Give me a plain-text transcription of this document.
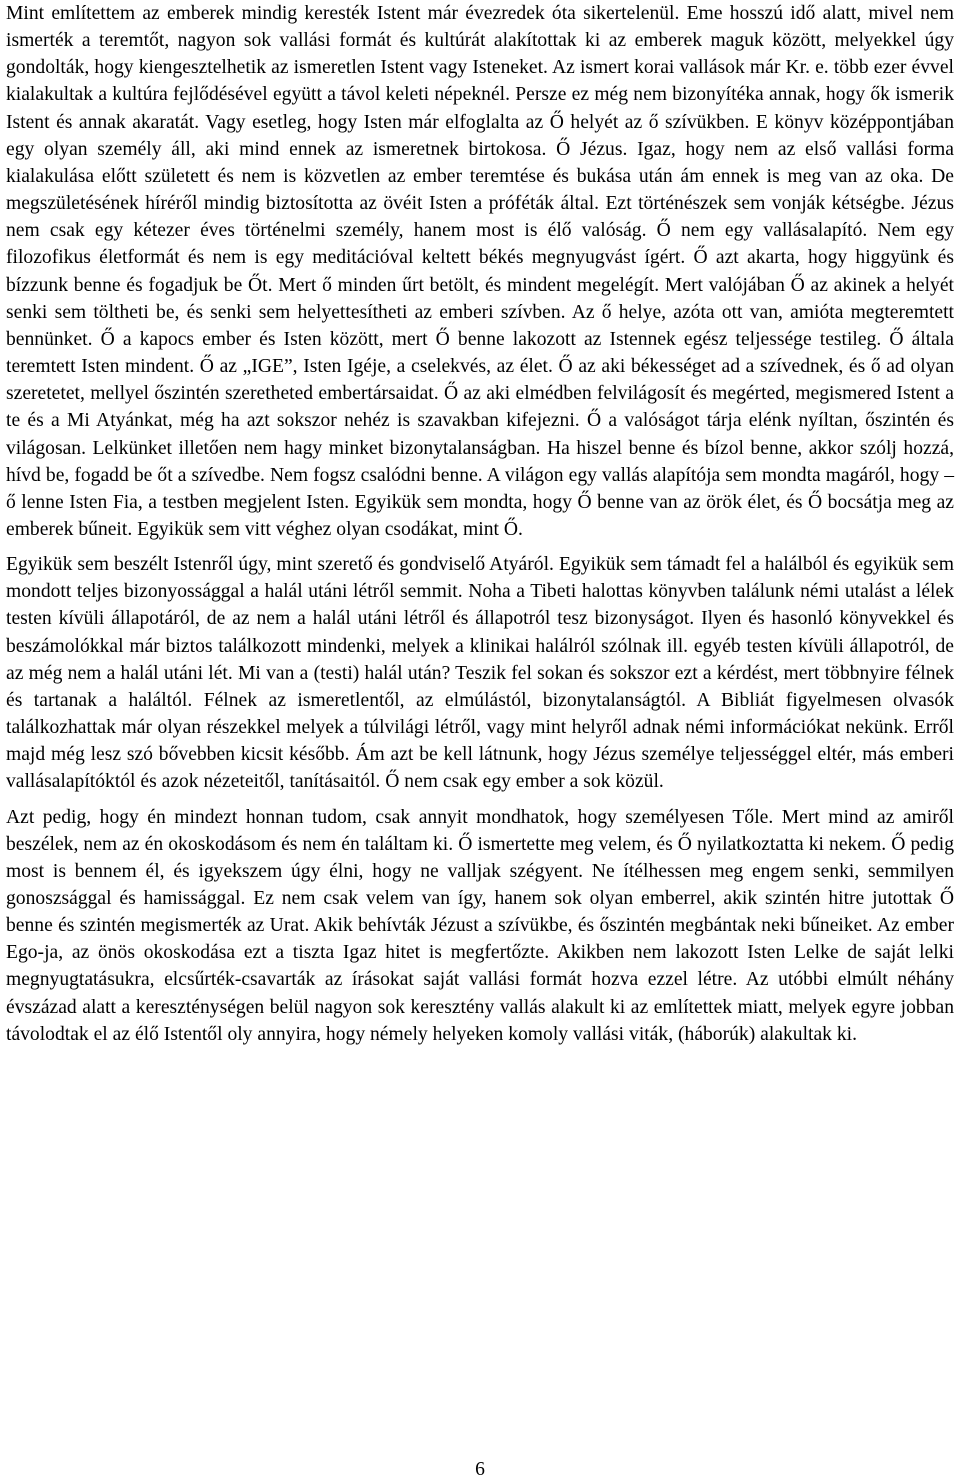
Mint említettem az emberek mindig keresték Istent már évezredek óta sikertelenül. Eme hosszú idő alatt, mivel nem ismerték a teremtőt, nagyon sok vallási formát és kultúrát alakítottak ki az emberek maguk között, melyekkel úgy gondolták, hogy kiengesztelhetik az ismeretlen Istent vagy Isteneket. Az ismert korai vallások már Kr. e. több ezer évvel kialakultak a kultúra fejlődésével együtt a távol keleti népeknél. Persze ez még nem bizonyítéka annak, hogy ők ismerik Istent és annak akaratát. Vagy esetleg, hogy Isten már elfoglalta az Ő helyét az ő szívükben. E könyv középpontjában egy olyan személy áll, aki mind ennek az ismeretnek birtokosa. Ő Jézus. Igaz, hogy nem az első vallási forma kialakulása előtt született és nem is közvetlen az ember teremtése és bukása után ám ennek is meg van az oka. De megszületésének híréről mindig biztosította az övéit Isten a próféták által. Ezt történészek sem vonják kétségbe. Jézus nem csak egy kétezer éves történelmi személy, hanem most is élő valóság. Ő nem egy vallásalapító. Nem egy filozofikus életformát és nem is egy meditációval keltett békés megnyugvást ígért. Ő azt akarta, hogy higgyünk és bízzunk benne és fogadjuk be Őt. Mert ő minden űrt betölt, és mindent megelégít. Mert valójában Ő az akinek a helyét senki sem töltheti be, és senki sem helyettesítheti az emberi szívben. Az ő helye, azóta ott van, amióta megteremtett bennünket. Ő a kapocs ember és Isten között, mert Ő benne lakozott az Istennek egész teljessége testileg. Ő általa teremtett Isten mindent. Ő az „IGE”, Isten Igéje, a cselekvés, az élet. Ő az aki békességet ad a szívednek, és ő ad olyan szeretetet, mellyel őszintén szeretheted embertársaidat. Ő az aki elmédben felvilágosít és megérted, megismered Istent a te és a Mi Atyánkat, még ha azt sokszor nehéz is szavakban kifejezni. Ő a valóságot tárja elénk nyíltan, őszintén és világosan. Lelkünket illetően nem hagy minket bizonytalanságban. Ha hiszel benne és bízol benne, akkor szólj hozzá, hívd be, fogadd be őt a szívedbe. Nem fogsz csalódni benne. A világon egy vallás alapítója sem mondta magáról, hogy – ő lenne Isten Fia, a testben megjelent Isten. Egyikük sem mondta, hogy Ő benne van az örök élet, és Ő bocsátja meg az emberek bűneit. Egyikük sem vitt véghez olyan csodákat, mint Ő.

Egyikük sem beszélt Istenről úgy, mint szerető és gondviselő Atyáról. Egyikük sem támadt fel a halálból és egyikük sem mondott teljes bizonyossággal a halál utáni létről semmit. Noha a Tibeti halottas könyvben találunk némi utalást a lélek testen kívüli állapotáról, de az nem a halál utáni létről és állapotról tesz bizonyságot. Ilyen és hasonló könyvekkel és beszámolókkal már biztos találkozott mindenki, melyek a klinikai halálról szólnak ill. egyéb testen kívüli állapotról, de az még nem a halál utáni lét. Mi van a (testi) halál után? Teszik fel sokan és sokszor ezt a kérdést, mert többnyire félnek és tartanak a haláltól. Félnek az ismeretlentől, az elmúlástól, bizonytalanságtól. A Bibliát figyelmesen olvasók találkozhattak már olyan részekkel melyek a túlvilági létről, vagy mint helyről adnak némi információkat nekünk. Erről majd még lesz szó bővebben kicsit később. Ám azt be kell látnunk, hogy Jézus személye teljességgel eltér, más emberi vallásalapítóktól és azok nézeteitől, tanításaitól. Ő nem csak egy ember a sok közül.

Azt pedig, hogy én mindezt honnan tudom, csak annyit mondhatok, hogy személyesen Tőle. Mert mind az amiről beszélek, nem az én okoskodásom és nem én találtam ki. Ő ismertette meg velem, és Ő nyilatkoztatta ki nekem. Ő pedig most is bennem él, és igyekszem úgy élni, hogy ne valljak szégyent. Ne ítélhessen meg engem senki, semmilyen gonoszsággal és hamissággal. Ez nem csak velem van így, hanem sok olyan emberrel, akik szintén hitre jutottak Ő benne és szintén megismerték az Urat. Akik behívták Jézust a szívükbe, és őszintén megbántak neki bűneiket. Az ember Ego-ja, az önös okoskodása ezt a tiszta Igaz hitet is megfertőzte. Akikben nem lakozott Isten Lelke de saját lelki megnyugtatásukra, elcsűrték-csavarták az írásokat saját vallási formát hozva ezzel létre. Az utóbbi elmúlt néhány évszázad alatt a kereszténységen belül nagyon sok keresztény vallás alakult ki az említettek miatt, melyek egyre jobban távolodtak el az élő Istentől oly annyira, hogy némely helyeken komoly vallási viták, (háborúk) alakultak ki.

6
